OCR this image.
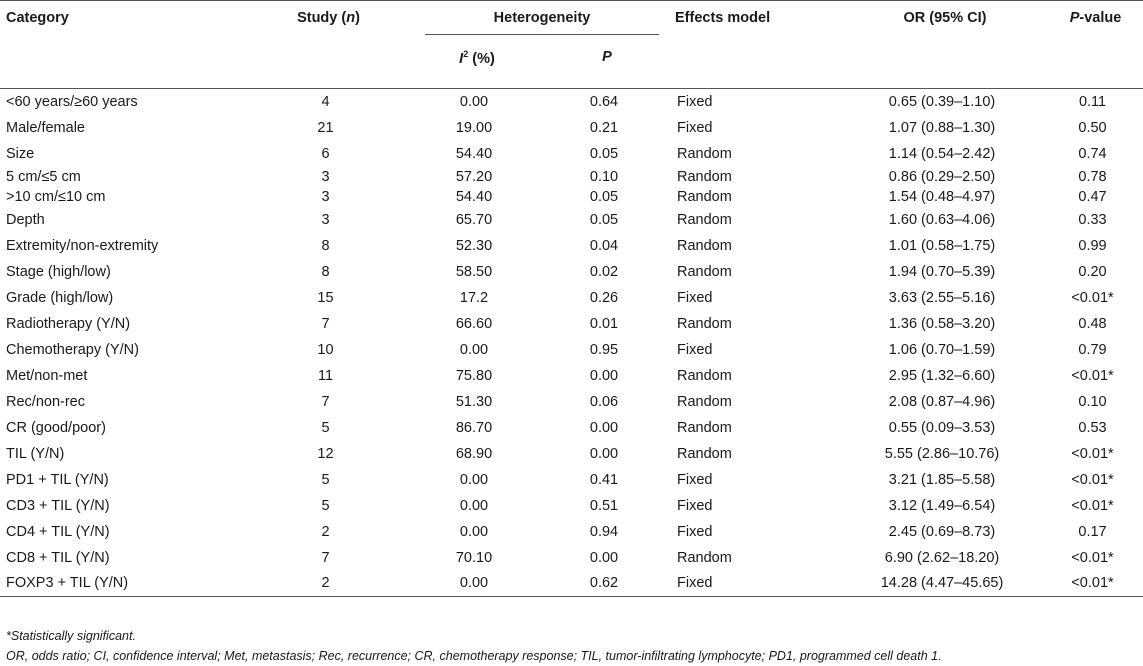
Category	Study (n)	Heterogeneity		Effects model	OR (95% CI)	P-value
		$I^2$ (%)	P			
<60 years/≥60 years	4	0.00	0.64	Fixed	0.65 (0.39–1.10)	0.11
Male/female	21	19.00	0.21	Fixed	1.07 (0.88–1.30)	0.50
Size	6	54.40	0.05	Random	1.14 (0.54–2.42)	0.74
5 cm/≤5 cm	3	57.20	0.10	Random	0.86 (0.29–2.50)	0.78
>10 cm/≤10 cm	3	54.40	0.05	Random	1.54 (0.48–4.97)	0.47
Depth	3	65.70	0.05	Random	1.60 (0.63–4.06)	0.33
Extremity/non-extremity	8	52.30	0.04	Random	1.01 (0.58–1.75)	0.99
Stage (high/low)	8	58.50	0.02	Random	1.94 (0.70–5.39)	0.20
Grade (high/low)	15	17.2	0.26	Fixed	3.63 (2.55–5.16)	<0.01*
Radiotherapy (Y/N)	7	66.60	0.01	Random	1.36 (0.58–3.20)	0.48
Chemotherapy (Y/N)	10	0.00	0.95	Fixed	1.06 (0.70–1.59)	0.79
Met/non-met	11	75.80	0.00	Random	2.95 (1.32–6.60)	<0.01*
Rec/non-rec	7	51.30	0.06	Random	2.08 (0.87–4.96)	0.10
CR (good/poor)	5	86.70	0.00	Random	0.55 (0.09–3.53)	0.53
TIL (Y/N)	12	68.90	0.00	Random	5.55 (2.86–10.76)	<0.01*
PD1 + TIL (Y/N)	5	0.00	0.41	Fixed	3.21 (1.85–5.58)	<0.01*
CD3 + TIL (Y/N)	5	0.00	0.51	Fixed	3.12 (1.49–6.54)	<0.01*
CD4 + TIL (Y/N)	2	0.00	0.94	Fixed	2.45 (0.69–8.73)	0.17
CD8 + TIL (Y/N)	7	70.10	0.00	Random	6.90 (2.62–18.20)	<0.01*
FOXP3 + TIL (Y/N)	2	0.00	0.62	Fixed	14.28 (4.47–45.65)	<0.01*
*Statistically significant.
OR, odds ratio; CI, confidence interval; Met, metastasis; Rec, recurrence; CR, chemotherapy response; TIL, tumor-infiltrating lymphocyte; PD1, programmed cell death 1.
